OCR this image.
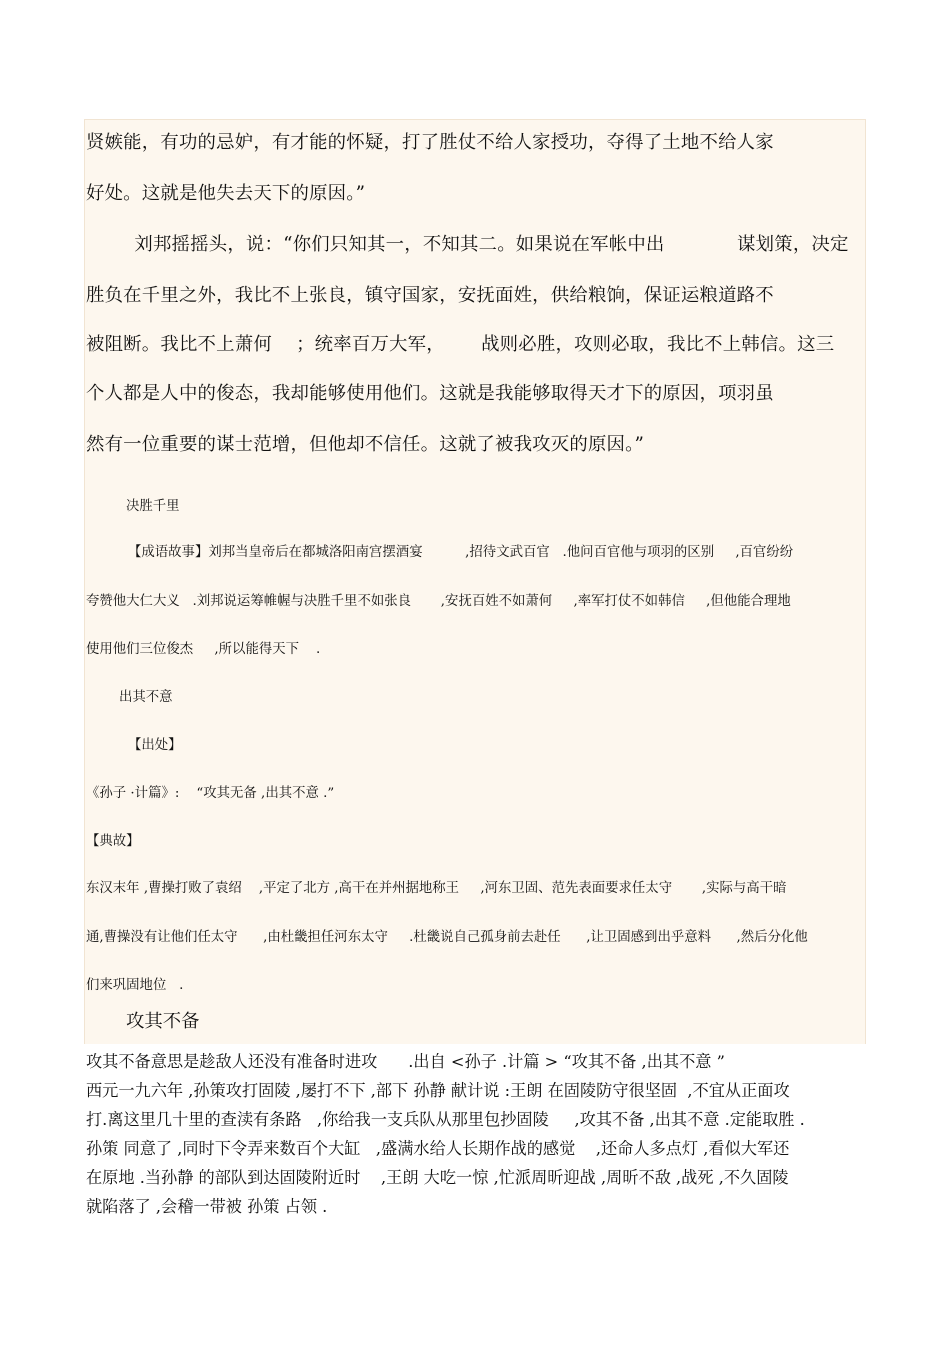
贤嫉能，有功的忌妒，有才能的怀疑，打了胜仗不给人家授功，夺得了土地不给人家

好处。这就是他失去天下的原因。”

刘邦摇摇头，说：“你们只知其一，不知其二。如果说在军帐中出            谋划策，决定

胜负在千里之外，我比不上张良，镇守国家，安抚面姓，供给粮饷，保证运粮道路不

被阻断。我比不上萧何    ；统率百万大军，      战则必胜，攻则必取，我比不上韩信。这三

个人都是人中的俊态，我却能够使用他们。这就是我能够取得天才下的原因，项羽虽

然有一位重要的谋士范增，但他却不信任。这就了被我攻灭的原因。”

决胜千里

【成语故事】刘邦当皇帝后在都城洛阳南宫摆酒宴          ,招待文武百官   .他问百官他与项羽的区别     ,百官纷纷

夸赞他大仁大义   .刘邦说运筹帷幄与决胜千里不如张良       ,安抚百姓不如萧何     ,率军打仗不如韩信     ,但他能合理地

使用他们三位俊杰     ,所以能得天下    .

出其不意

【出处】

《孙子 ·计篇》:    “攻其无备 ,出其不意 .”

【典故】

东汉末年 ,曹操打败了袁绍    ,平定了北方 ,高干在并州据地称王     ,河东卫固、范先表面要求任太守       ,实际与高干暗

通,曹操没有让他们任太守      ,由杜畿担任河东太守     .杜畿说自己孤身前去赴任      ,让卫固感到出乎意料      ,然后分化他

们来巩固地位   .

攻其不备

攻其不备意思是趁敌人还没有准备时进攻      .出自 <孙子 .计篇 > “攻其不备 ,出其不意 ”

西元一九六年 ,孙策攻打固陵 ,屡打不下 ,部下 孙静 献计说 :王朗 在固陵防守很坚固  ,不宜从正面攻

打.离这里几十里的查渎有条路   ,你给我一支兵队从那里包抄固陵     ,攻其不备 ,出其不意 .定能取胜 .

孙策 同意了 ,同时下令弄来数百个大缸   ,盛满水给人长期作战的感觉    ,还命人多点灯 ,看似大军还

在原地 .当孙静 的部队到达固陵附近时    ,王朗 大吃一惊 ,忙派周昕迎战 ,周昕不敌 ,战死 ,不久固陵

就陷落了 ,会稽一带被 孙策 占领 .
